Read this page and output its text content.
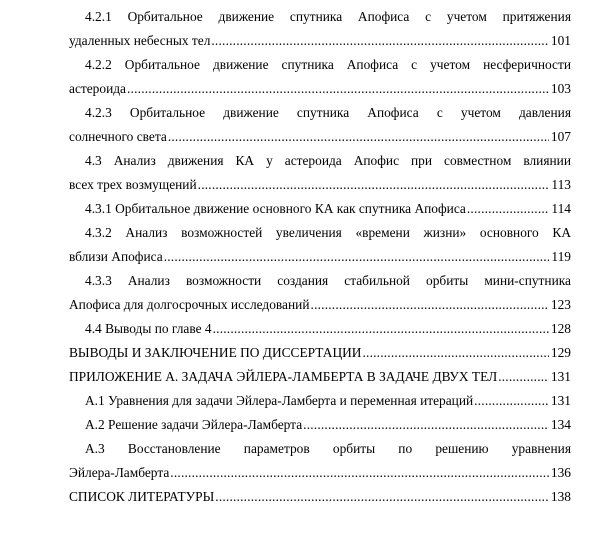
4.2.1 Орбитальное движение спутника Апофиса с учетом притяжения
удаленных небесных тел .....	101
4.2.2 Орбитальное движение спутника Апофиса с учетом несферичности
астероида .....	103
4.2.3 Орбитальное движение спутника Апофиса с учетом давления
солнечного света .....	107
4.3 Анализ движения КА у астероида Апофис при совместном влиянии
всех трех возмущений .....	113
4.3.1 Орбитальное движение основного КА как спутника Апофиса .....	114
4.3.2 Анализ возможностей увеличения «времени жизни» основного КА
вблизи Апофиса .....	119
4.3.3 Анализ возможности создания стабильной орбиты мини-спутника
Апофиса для долгосрочных исследований .....	123
4.4 Выводы по главе 4 .....	128
ВЫВОДЫ И ЗАКЛЮЧЕНИЕ ПО ДИССЕРТАЦИИ .....	129
ПРИЛОЖЕНИЕ А. ЗАДАЧА ЭЙЛЕРА-ЛАМБЕРТА В ЗАДАЧЕ ДВУХ ТЕЛ .....	131
А.1 Уравнения для задачи Эйлера-Ламберта и переменная итераций .....	131
А.2 Решение задачи Эйлера-Ламберта .....	134
А.3 Восстановление параметров орбиты по решению уравнения
Эйлера-Ламберта .....	136
СПИСОК ЛИТЕРАТУРЫ .....	138
